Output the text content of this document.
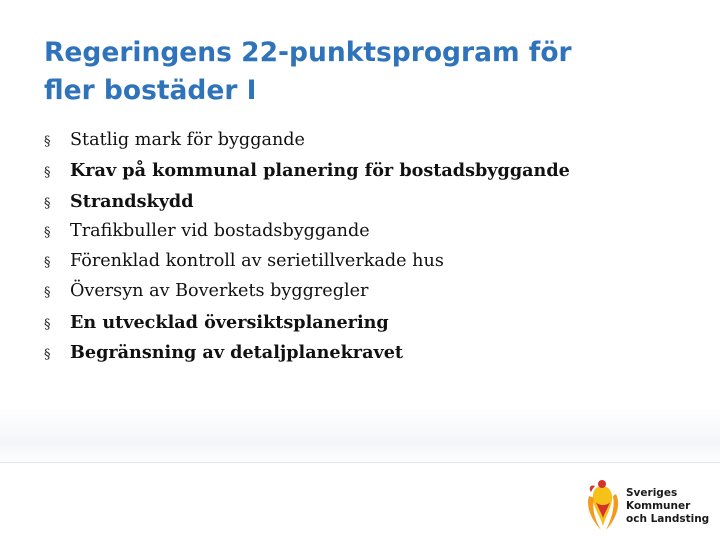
Regeringens 22-punktsprogram för
fler bostäder I
§	Statlig mark för byggande
§	Krav på kommunal planering för bostadsbyggande
§	Strandskydd
§	Trafikbuller vid bostadsbyggande
§	Förenklad kontroll av serietillverkade hus
§	Översyn av Boverkets byggregler
§	En utvecklad översiktsplanering
§	Begränsning av detaljplanekravet
Sveriges
Kommuner
och Landsting
